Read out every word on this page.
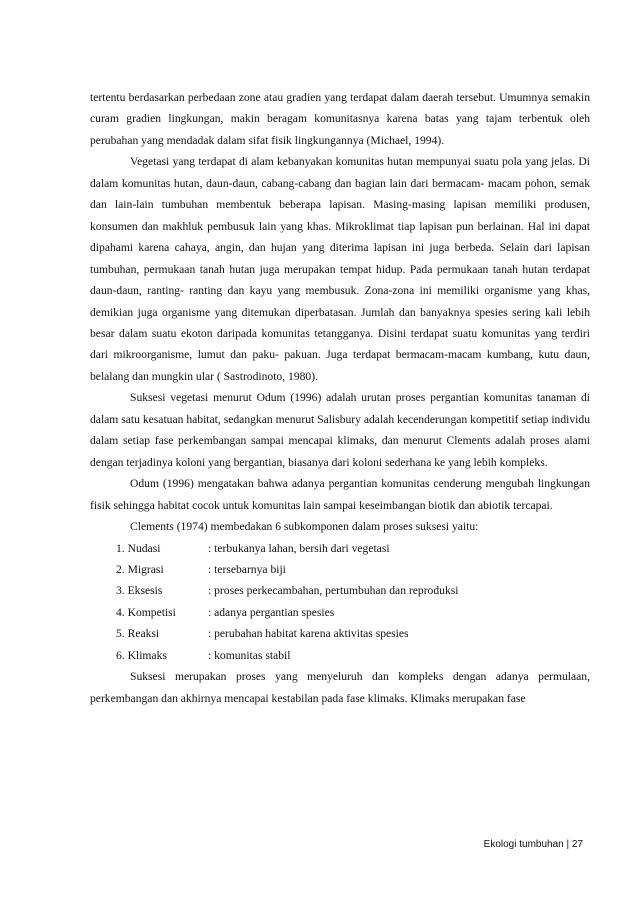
tertentu berdasarkan perbedaan zone atau gradien yang terdapat dalam daerah tersebut. Umumnya semakin curam gradien lingkungan, makin beragam komunitasnya karena batas yang tajam terbentuk oleh perubahan yang mendadak dalam sifat fisik lingkungannya (Michael, 1994).

Vegetasi yang terdapat di alam kebanyakan komunitas hutan mempunyai suatu pola yang jelas. Di dalam komunitas hutan, daun-daun, cabang-cabang dan bagian lain dari bermacam- macam pohon, semak dan lain-lain tumbuhan membentuk beberapa lapisan. Masing-masing lapisan memiliki produsen, konsumen dan makhluk pembusuk lain yang khas. Mikroklimat tiap lapisan pun berlainan. Hal ini dapat dipahami karena cahaya, angin, dan hujan yang diterima lapisan ini juga berbeda. Selain dari lapisan tumbuhan, permukaan tanah hutan juga merupakan tempat hidup. Pada permukaan tanah hutan terdapat daun-daun, ranting- ranting dan kayu yang membusuk. Zona-zona ini memiliki organisme yang khas, demikian juga organisme yang ditemukan diperbatasan. Jumlah dan banyaknya spesies sering kali lebih besar dalam suatu ekoton daripada komunitas tetangganya. Disini terdapat suatu komunitas yang terdiri dari mikroorganisme, lumut dan paku- pakuan. Juga terdapat bermacam-macam kumbang, kutu daun, belalang dan mungkin ular ( Sastrodinoto, 1980).

Suksesi vegetasi menurut Odum (1996) adalah urutan proses pergantian komunitas tanaman di dalam satu kesatuan habitat, sedangkan menurut Salisbury adalah kecenderungan kompetitif setiap individu dalam setiap fase perkembangan sampai mencapai klimaks, dan menurut Clements adalah proses alami dengan terjadinya koloni yang bergantian, biasanya dari koloni sederhana ke yang lebih kompleks.

Odum (1996) mengatakan bahwa adanya pergantian komunitas cenderung mengubah lingkungan fisik sehingga habitat cocok untuk komunitas lain sampai keseimbangan biotik dan abiotik tercapai.

Clements (1974) membedakan 6 subkomponen dalam proses suksesi yaitu:

1. Nudasi	: terbukanya lahan, bersih dari vegetasi
2. Migrasi	: tersebarnya biji
3. Eksesis	: proses perkecambahan, pertumbuhan dan reproduksi
4. Kompetisi	: adanya pergantian spesies
5. Reaksi	: perubahan habitat karena aktivitas spesies
6. Klimaks	: komunitas stabil

Suksesi merupakan proses yang menyeluruh dan kompleks dengan adanya permulaan, perkembangan dan akhirnya mencapai kestabilan pada fase klimaks. Klimaks merupakan fase

Ekologi tumbuhan | 27
